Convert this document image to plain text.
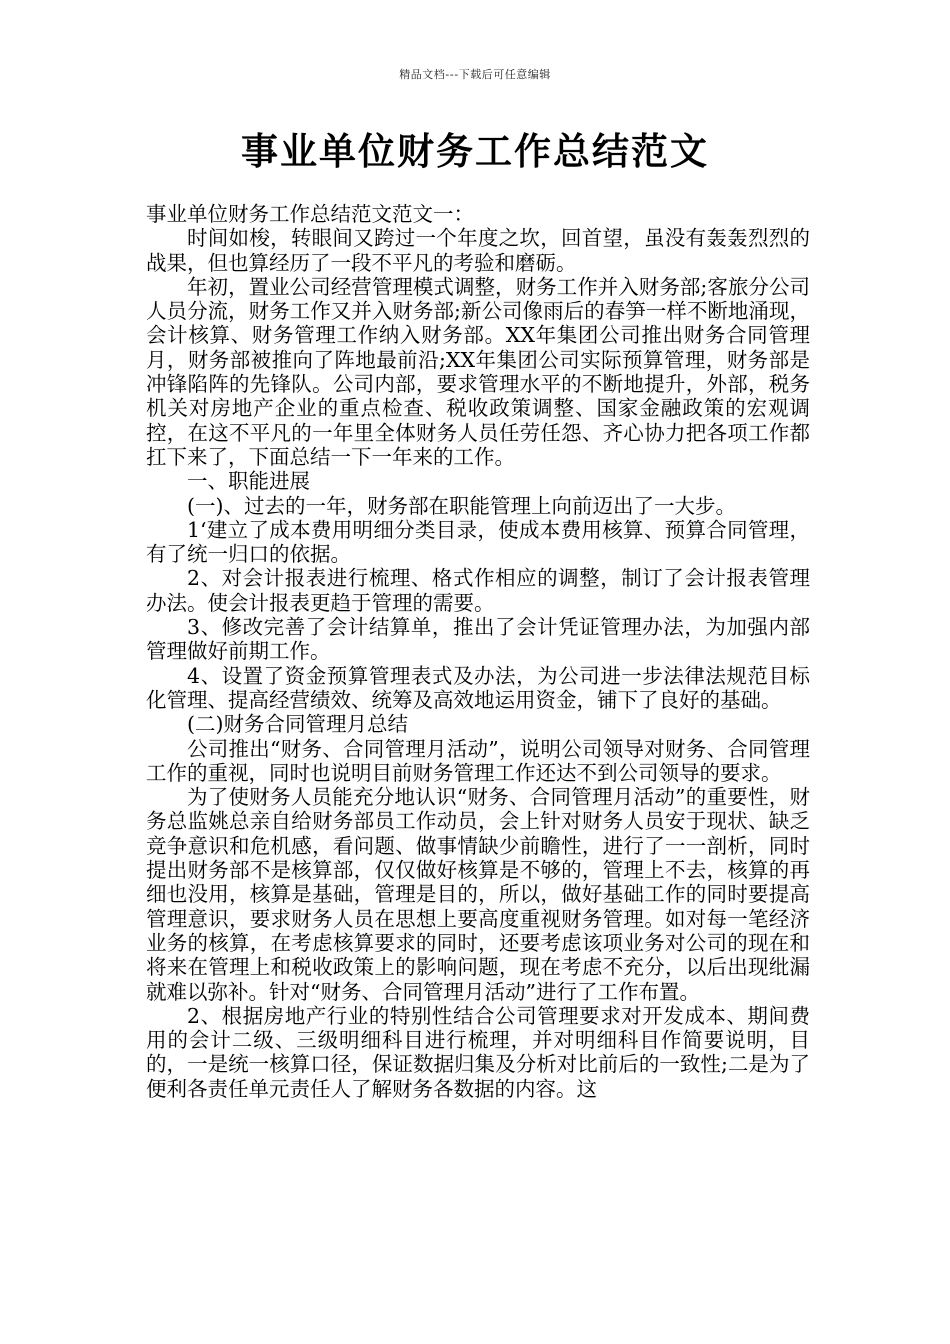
精品文档---下载后可任意编辑
事业单位财务工作总结范文

事业单位财务工作总结范文范文一：

时间如梭，转眼间又跨过一个年度之坎，回首望，虽没有轰轰烈烈的战果，但也算经历了一段不平凡的考验和磨砺。

年初，置业公司经营管理模式调整，财务工作并入财务部;客旅分公司人员分流，财务工作又并入财务部;新公司像雨后的春笋一样不断地涌现，会计核算、财务管理工作纳入财务部。XX年集团公司推出财务合同管理月，财务部被推向了阵地最前沿;XX年集团公司实际预算管理，财务部是冲锋陷阵的先锋队。公司内部，要求管理水平的不断地提升，外部，税务机关对房地产企业的重点检查、税收政策调整、国家金融政策的宏观调控，在这不平凡的一年里全体财务人员任劳任怨、齐心协力把各项工作都扛下来了，下面总结一下一年来的工作。

一、职能进展

(一)、过去的一年，财务部在职能管理上向前迈出了一大步。

1‘建立了成本费用明细分类目录，使成本费用核算、预算合同管理，有了统一归口的依据。

2、对会计报表进行梳理、格式作相应的调整，制订了会计报表管理办法。使会计报表更趋于管理的需要。

3、修改完善了会计结算单，推出了会计凭证管理办法，为加强内部管理做好前期工作。

4、设置了资金预算管理表式及办法，为公司进一步法律法规范目标化管理、提高经营绩效、统筹及高效地运用资金，铺下了良好的基础。

(二)财务合同管理月总结

公司推出“财务、合同管理月活动”，说明公司领导对财务、合同管理工作的重视，同时也说明目前财务管理工作还达不到公司领导的要求。

为了使财务人员能充分地认识“财务、合同管理月活动”的重要性，财务总监姚总亲自给财务部员工作动员，会上针对财务人员安于现状、缺乏竞争意识和危机感，看问题、做事情缺少前瞻性，进行了一一剖析，同时提出财务部不是核算部，仅仅做好核算是不够的，管理上不去，核算的再细也没用，核算是基础，管理是目的，所以，做好基础工作的同时要提高管理意识，要求财务人员在思想上要高度重视财务管理。如对每一笔经济业务的核算，在考虑核算要求的同时，还要考虑该项业务对公司的现在和将来在管理上和税收政策上的影响问题，现在考虑不充分，以后出现纰漏就难以弥补。针对“财务、合同管理月活动”进行了工作布置。

2、根据房地产行业的特别性结合公司管理要求对开发成本、期间费用的会计二级、三级明细科目进行梳理，并对明细科目作简要说明，目的，一是统一核算口径，保证数据归集及分析对比前后的一致性;二是为了便利各责任单元责任人了解财务各数据的内容。这
